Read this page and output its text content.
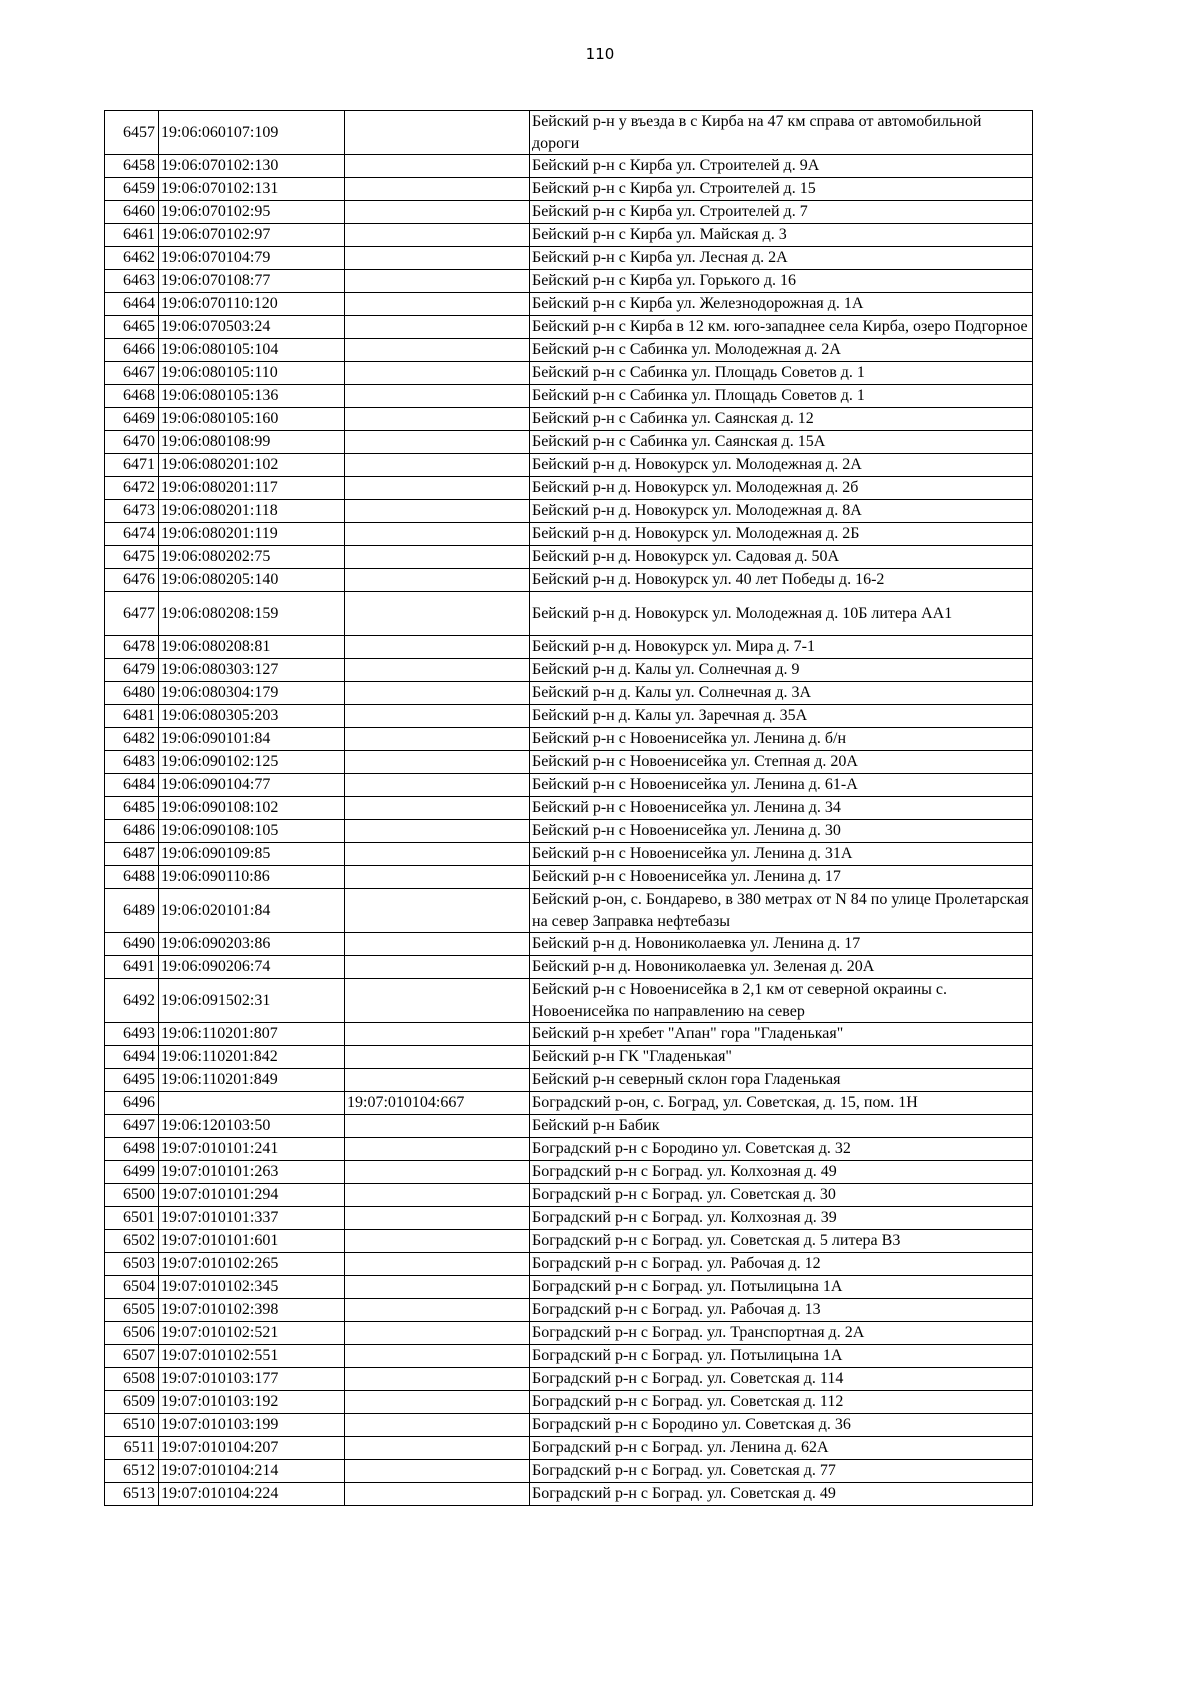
110
6457	19:06:060107:109		Бейский р-н у въезда в с Кирба на 47 км справа от автомобильной дороги
6458	19:06:070102:130		Бейский р-н с Кирба ул. Строителей д. 9А
6459	19:06:070102:131		Бейский р-н с Кирба ул. Строителей д. 15
6460	19:06:070102:95		Бейский р-н с Кирба ул. Строителей д. 7
6461	19:06:070102:97		Бейский р-н с Кирба ул. Майская д. 3
6462	19:06:070104:79		Бейский р-н с Кирба ул. Лесная д. 2А
6463	19:06:070108:77		Бейский р-н с Кирба ул. Горького д. 16
6464	19:06:070110:120		Бейский р-н с Кирба ул. Железнодорожная д. 1А
6465	19:06:070503:24		Бейский р-н с Кирба в 12 км. юго-западнее села Кирба, озеро Подгорное
6466	19:06:080105:104		Бейский р-н с Сабинка ул. Молодежная д. 2А
6467	19:06:080105:110		Бейский р-н с Сабинка ул. Площадь Советов д. 1
6468	19:06:080105:136		Бейский р-н с Сабинка ул. Площадь Советов д. 1
6469	19:06:080105:160		Бейский р-н с Сабинка ул. Саянская д. 12
6470	19:06:080108:99		Бейский р-н с Сабинка ул. Саянская д. 15А
6471	19:06:080201:102		Бейский р-н д. Новокурск ул. Молодежная д. 2А
6472	19:06:080201:117		Бейский р-н д. Новокурск ул. Молодежная д. 2б
6473	19:06:080201:118		Бейский р-н д. Новокурск ул. Молодежная д. 8А
6474	19:06:080201:119		Бейский р-н д. Новокурск ул. Молодежная д. 2Б
6475	19:06:080202:75		Бейский р-н д. Новокурск ул. Садовая д. 50А
6476	19:06:080205:140		Бейский р-н д. Новокурск ул. 40 лет Победы д. 16-2
6477	19:06:080208:159		Бейский р-н д. Новокурск ул. Молодежная д. 10Б литера АА1
6478	19:06:080208:81		Бейский р-н д. Новокурск ул. Мира д. 7-1
6479	19:06:080303:127		Бейский р-н д. Калы ул. Солнечная д. 9
6480	19:06:080304:179		Бейский р-н д. Калы ул. Солнечная д. 3А
6481	19:06:080305:203		Бейский р-н д. Калы ул. Заречная д. 35А
6482	19:06:090101:84		Бейский р-н с Новоенисейка ул. Ленина д. б/н
6483	19:06:090102:125		Бейский р-н с Новоенисейка ул. Степная д. 20А
6484	19:06:090104:77		Бейский р-н с Новоенисейка ул. Ленина д. 61-А
6485	19:06:090108:102		Бейский р-н с Новоенисейка ул. Ленина д. 34
6486	19:06:090108:105		Бейский р-н с Новоенисейка ул. Ленина д. 30
6487	19:06:090109:85		Бейский р-н с Новоенисейка ул. Ленина д. 31А
6488	19:06:090110:86		Бейский р-н с Новоенисейка ул. Ленина д. 17
6489	19:06:020101:84		Бейский р-он, с. Бондарево, в 380 метрах от N 84 по улице Пролетарская на север Заправка нефтебазы
6490	19:06:090203:86		Бейский р-н д. Новониколаевка ул. Ленина д. 17
6491	19:06:090206:74		Бейский р-н д. Новониколаевка ул. Зеленая д. 20А
6492	19:06:091502:31		Бейский р-н с Новоенисейка в 2,1 км от северной окраины с. Новоенисейка по направлению на север
6493	19:06:110201:807		Бейский р-н хребет "Апан" гора "Гладенькая"
6494	19:06:110201:842		Бейский р-н ГК "Гладенькая"
6495	19:06:110201:849		Бейский р-н северный склон гора Гладенькая
6496		19:07:010104:667	Боградский р-он, с. Боград, ул. Советская, д. 15, пом. 1Н
6497	19:06:120103:50		Бейский р-н Бабик
6498	19:07:010101:241		Боградский р-н с Бородино ул. Советская д. 32
6499	19:07:010101:263		Боградский р-н с Боград. ул. Колхозная д. 49
6500	19:07:010101:294		Боградский р-н с Боград. ул. Советская д. 30
6501	19:07:010101:337		Боградский р-н с Боград. ул. Колхозная д. 39
6502	19:07:010101:601		Боградский р-н с Боград. ул. Советская д. 5 литера В3
6503	19:07:010102:265		Боградский р-н с Боград. ул. Рабочая д. 12
6504	19:07:010102:345		Боградский р-н с Боград. ул. Потылицына 1А
6505	19:07:010102:398		Боградский р-н с Боград. ул. Рабочая д. 13
6506	19:07:010102:521		Боградский р-н с Боград. ул. Транспортная д. 2А
6507	19:07:010102:551		Боградский р-н с Боград. ул. Потылицына 1А
6508	19:07:010103:177		Боградский р-н с Боград. ул. Советская д. 114
6509	19:07:010103:192		Боградский р-н с Боград. ул. Советская д. 112
6510	19:07:010103:199		Боградский р-н с Бородино ул. Советская д. 36
6511	19:07:010104:207		Боградский р-н с Боград. ул. Ленина д. 62А
6512	19:07:010104:214		Боградский р-н с Боград. ул. Советская д. 77
6513	19:07:010104:224		Боградский р-н с Боград. ул. Советская д. 49
